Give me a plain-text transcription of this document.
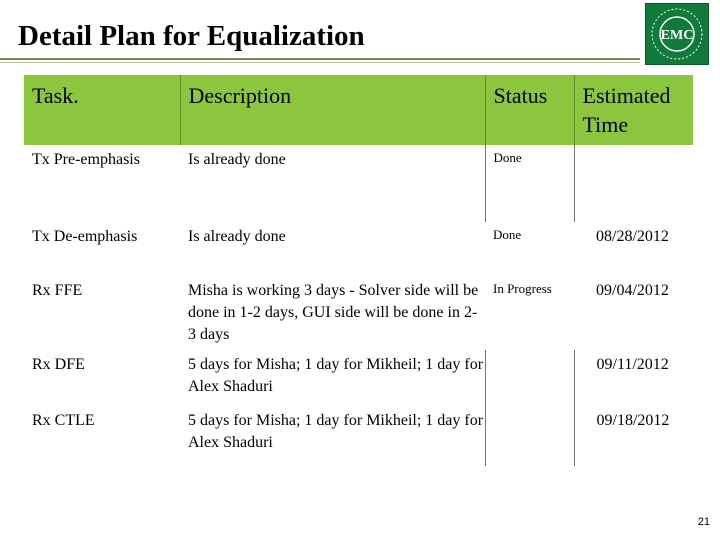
Detail Plan for Equalization	EMC
Task.	Description	Status	Estimated Time
Tx Pre-emphasis	Is already done	Done	
Tx De-emphasis	Is already done	Done	08/28/2012
Rx FFE	Misha is working 3 days - Solver side will be done in 1-2 days, GUI side will be done in 2-3 days	In Progress	09/04/2012
Rx DFE	5 days for Misha; 1 day for Mikheil; 1 day for Alex Shaduri		09/11/2012
Rx CTLE	5 days for Misha; 1 day for Mikheil; 1 day for Alex Shaduri		09/18/2012
21
